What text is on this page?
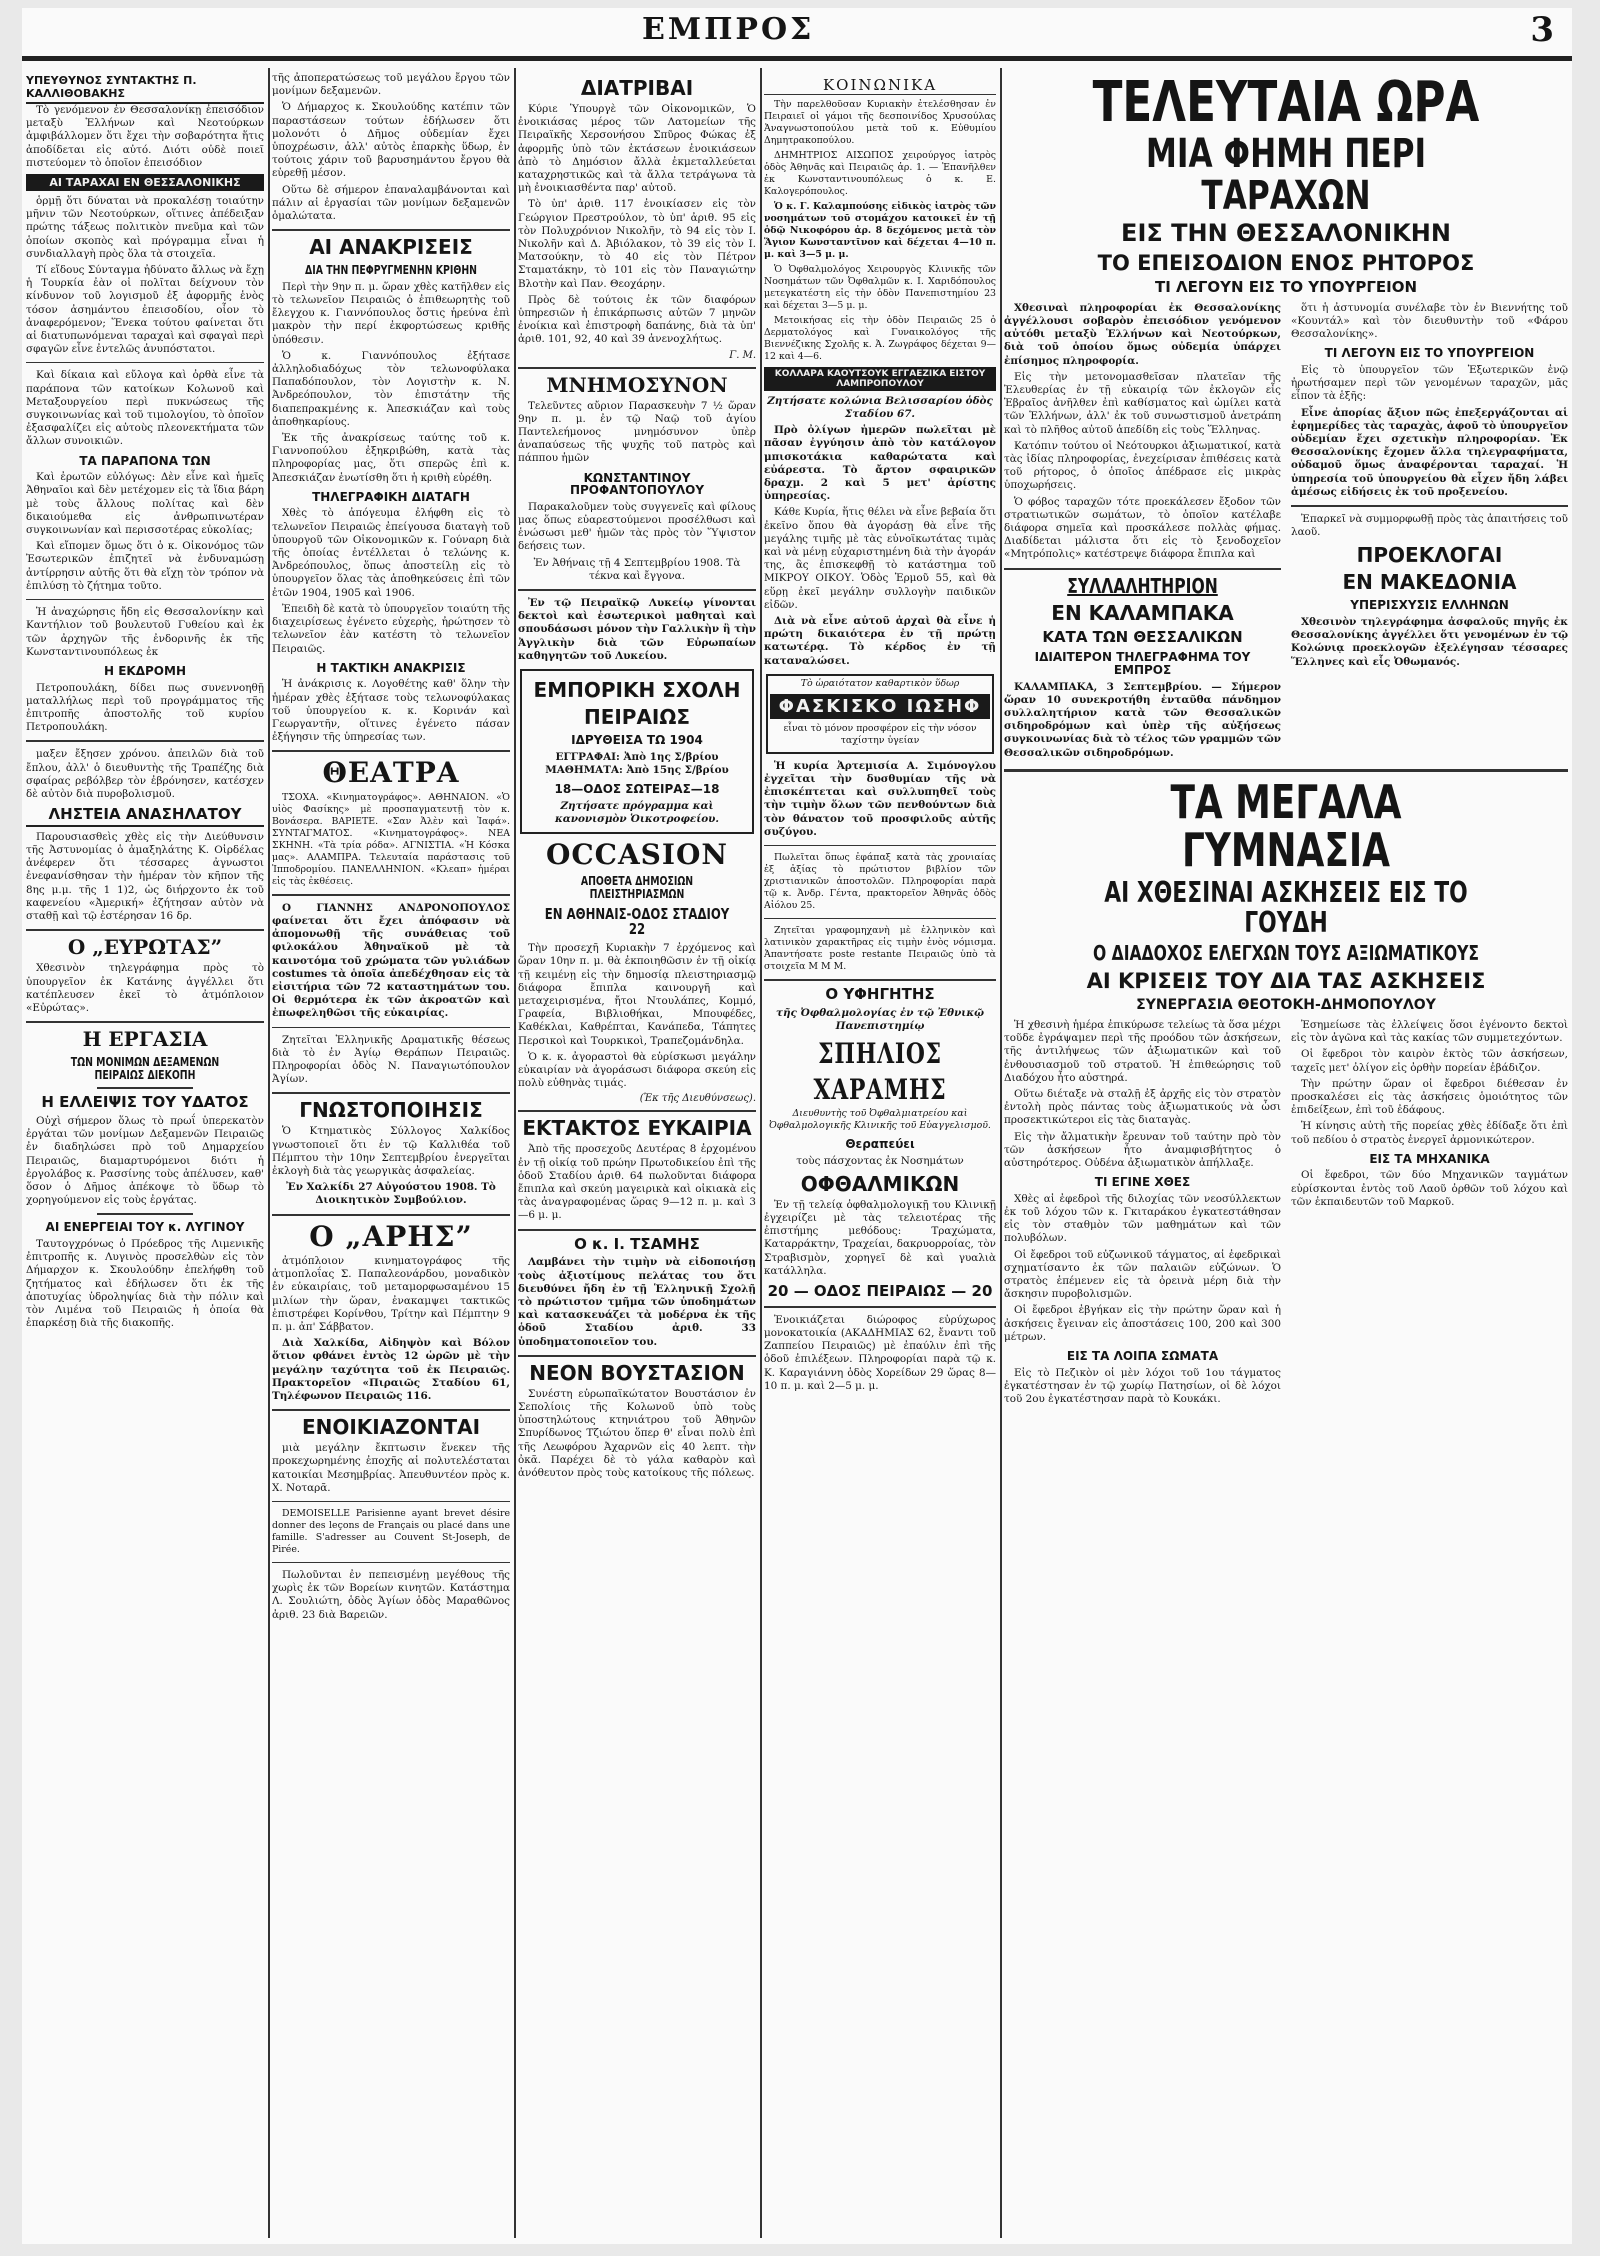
ΕΜΠΡΟΣ	3
ΥΠΕΥΘΥΝΟΣ ΣΥΝΤΑΚΤΗΣ Π. ΚΑΛΛΙΘΟΒΑΚΗΣ

Τὸ γενόμενον ἐν Θεσσαλονίκῃ ἐπεισόδιον μεταξὺ Ἑλλήνων καὶ Νεοτούρκων ἀμφιβάλλομεν ὅτι ἔχει τὴν σοβαρότητα ἥτις ἀποδίδεται εἰς αὐτό. Διότι οὐδὲ ποιεῖ πιστεύομεν τὸ ὁποῖον ἐπεισόδιον

ΑΙ ΤΑΡΑΧΑΙ ΕΝ ΘΕΣΣΑΛΟΝΙΚΗΣ

ὁρμῇ ὅτι δύναται νὰ προκαλέσῃ τοιαύτην μῆνιν τῶν Νεοτούρκων, οἵτινες ἀπέδειξαν πρώτης τάξεως πολιτικὸν πνεῦμα καὶ τῶν ὁποίων σκοπὸς καὶ πρόγραμμα εἶναι ἡ συνδιαλλαγὴ πρὸς ὅλα τὰ στοιχεῖα.

Τί εἴδους Σύνταγμα ἠδύνατο ἄλλως νὰ ἔχῃ ἡ Τουρκία ἐὰν οἱ πολῖται δείχνουν τὸν κίνδυνον τοῦ λογισμοῦ ἐξ ἀφορμῆς ἑνὸς τόσον ἀσημάντου ἐπεισοδίου, οἷον τὸ ἀναφερόμενον; Ἕνεκα τούτου φαίνεται ὅτι αἱ διατυπωνόμεναι ταραχαὶ καὶ σφαγαὶ περὶ σφαγῶν εἶνε ἐντελῶς ἀνυπόστατοι.

Καὶ δίκαια καὶ εὔλογα καὶ ὀρθὰ εἶνε τὰ παράπονα τῶν κατοίκων Κολωνοῦ καὶ Μεταξουργείου περὶ πυκνώσεως τῆς συγκοινωνίας καὶ τοῦ τιμολογίου, τὸ ὁποῖον ἐξασφαλίζει εἰς αὐτοὺς πλεονεκτήματα τῶν ἄλλων συνοικιῶν.

ΤΑ ΠΑΡΑΠΟΝΑ ΤΩΝ

Καὶ ἐρωτῶν εὐλόγως: Δὲν εἶνε καὶ ἡμεῖς Ἀθηναῖοι καὶ δὲν μετέχομεν εἰς τὰ ἴδια βάρη μὲ τοὺς ἄλλους πολίτας καὶ δὲν δικαιούμεθα εἰς ἀνθρωπινωτέραν συγκοινωνίαν καὶ περισσοτέρας εὐκολίας;

Καὶ εἴπομεν ὅμως ὅτι ὁ κ. Οἰκονόμος τῶν Ἐσωτερικῶν ἐπιζητεῖ νὰ ἐνδυναμώσῃ ἀντίρρησιν αὐτῆς ὅτι θὰ εἴχῃ τὸν τρόπον νὰ ἐπιλύσῃ τὸ ζήτημα τοῦτο.

Ἡ ἀναχώρησις ἤδη εἰς Θεσσαλονίκην καὶ Καντήλιον τοῦ βουλευτοῦ Γυθείου καὶ ἐκ τῶν ἀρχηγῶν τῆς ἐνδορινῆς ἐκ τῆς Κωνσταντινουπόλεως ἐκ

Η ΕΚΔΡΟΜΗ

Πετροπουλάκη, δίδει πως συνεννοηθῇ ματαλλήλως περὶ τοῦ προγράμματος τῆς ἐπιτροπῆς ἀποστολῆς τοῦ κυρίου Πετροπουλάκη.

μαξεν ἔξησεν χρόνου. ἀπειλῶν διὰ τοῦ ἔπλου, ἀλλ' ὁ διευθυντὴς τῆς Τραπέζης διὰ σφαίρας ρεβόλβερ τὸν ἐβρόνησεν, κατέσχεν δὲ αὐτὸν διὰ πυροβολισμοῦ.

ΛΗΣΤΕΙΑ ΑΝΑΣΗΛΑΤΟΥ

Παρουσιασθεὶς χθὲς εἰς τὴν Διεύθυνσιν τῆς Ἀστυνομίας ὁ ἀμαξηλάτης Κ. Οἰρδέλας ἀνέφερεν ὅτι τέσσαρες ἀγνωστοι ἐνεφανίσθησαν τὴν ἡμέραν τὸν κῆπον τῆς 8ης μ.μ. τῆς 1 1)2, ὡς διήρχοντο ἐκ τοῦ καφενείου «Ἀμερική» ἐζήτησαν αὐτὸν νὰ σταθῇ καὶ τῷ ἐστέρησαν 16 δρ.

Ο „ΕΥΡΩΤΑΣ”

Χθεσινὸν τηλεγράφημα πρὸς τὸ ὑπουργεῖον ἐκ Κατάνης ἀγγέλλει ὅτι κατέπλευσεν ἐκεῖ τὸ ἀτμόπλοιον «Εὐρώτας».

Η ΕΡΓΑΣΙΑ
ΤΩΝ ΜΟΝΙΜΩΝ ΔΕΞΑΜΕΝΩΝ ΠΕΙΡΑΙΩΣ ΔΙΕΚΟΠΗ
Η ΕΛΛΕΙΨΙΣ ΤΟΥ ΥΔΑΤΟΣ

Οὐχὶ σήμερον ὅλως τὸ πρωΐ ὑπερεκατὸν ἐργάται τῶν μονίμων Δεξαμενῶν Πειραιῶς ἐν διαδηλώσει πρὸ τοῦ Δημαρχείου Πειραιῶς, διαμαρτυρόμενοι διότι ἡ ἐργολάβος κ. Ρασσίνης τοὺς ἀπέλυσεν, καθ' ὅσον ὁ Δῆμος ἀπέκοψε τὸ ὕδωρ τὸ χορηγούμενον εἰς τοὺς ἐργάτας.

ΑΙ ΕΝΕΡΓΕΙΑΙ ΤΟΥ κ. ΛΥΓΙΝΟΥ

Ταυτογχρόνως ὁ Πρόεδρος τῆς Λιμενικῆς ἐπιτροπῆς κ. Λυγινὸς προσελθὼν εἰς τὸν Δήμαρχον κ. Σκουλούδην ἐπελήφθη τοῦ ζητήματος καὶ ἐδήλωσεν ὅτι ἐκ τῆς ἀποτυχίας ὑδροληψίας διὰ τὴν πόλιν καὶ τὸν Λιμένα τοῦ Πειραιῶς ἡ ὁποία θὰ ἐπαρκέσῃ διὰ τῆς διακοπῆς.

τῆς ἀποπερατώσεως τοῦ μεγάλου ἔργου τῶν μονίμων δεξαμενῶν.

Ὁ Δήμαρχος κ. Σκουλούδης κατέπιν τῶν παραστάσεων τούτων ἐδήλωσεν ὅτι μολονότι ὁ Δῆμος οὐδεμίαν ἔχει ὑποχρέωσιν, ἀλλ' αὐτὸς ἐπαρκὴς ὕδωρ, ἐν τούτοις χάριν τοῦ βαρυσημάντου ἔργου θὰ εὑρεθῇ μέσον.

Οὕτω δὲ σήμερον ἐπαναλαμβάνονται καὶ πάλιν αἱ ἐργασίαι τῶν μονίμων δεξαμενῶν ὁμαλώτατα.

ΑΙ ΑΝΑΚΡΙΣΕΙΣ
ΔΙΑ ΤΗΝ ΠΕΦΡΥΓΜΕΝΗΝ ΚΡΙΘΗΝ

Περὶ τὴν 9ην π. μ. ὥραν χθὲς κατῆλθεν εἰς τὸ τελωνεῖον Πειραιῶς ὁ ἐπιθεωρητὴς τοῦ ἔλεγχου κ. Γιαννόπουλος ὅστις ἠρεύνα ἐπὶ μακρὸν τὴν περί ἐκφορτώσεως κριθῆς ὑπόθεσιν.

Ὁ κ. Γιαννόπουλος ἐξήτασε ἀλληλοδιαδόχως τὸν τελωνοφύλακα Παπαδόπουλον, τὸν Λογιστὴν κ. Ν. Ἀνδρεόπουλον, τὸν ἐπιστάτην τῆς διαπεπρακμένης κ. Ἀπεσκιάζαν καὶ τοὺς ἀποθηκαρίους.

Ἐκ τῆς ἀνακρίσεως ταύτης τοῦ κ. Γιαννοπούλου ἐξηκριβώθη, κατὰ τὰς πληροφορίας μας, ὅτι σπερῶς ἐπὶ κ. Ἀπεσκιάζαν ἐνωτίσθη ὅτι ἡ κριθὴ εὑρέθη.

ΤΗΛΕΓΡΑΦΙΚΗ ΔΙΑΤΑΓΗ

Χθὲς τὸ ἀπόγευμα ἐλήφθη εἰς τὸ τελωνεῖον Πειραιῶς ἐπείγουσα διαταγὴ τοῦ ὑπουργοῦ τῶν Οἰκονομικῶν κ. Γούναρη διὰ τῆς ὁποίας ἐντέλλεται ὁ τελώνης κ. Ἀνδρεόπουλος, ὅπως ἀποστείλῃ εἰς τὸ ὑπουργεῖον ὅλας τὰς ἀποθηκεύσεις ἐπὶ τῶν ἐτῶν 1904, 1905 καὶ 1906.

Ἐπειδὴ δὲ κατὰ τὸ ὑπουργεῖον τοιαύτη τῆς διαχειρίσεως ἐγένετο εὐχερὴς, ἠρώτησεν τὸ τελωνεῖον ἐὰν κατέστη τὸ τελωνεῖον Πειραιῶς.

Η ΤΑΚΤΙΚΗ ΑΝΑΚΡΙΣΙΣ

Ἡ ἀνάκρισις κ. Λογοθέτης καθ' ὅλην τὴν ἡμέραν χθὲς ἐξήτασε τοὺς τελωνοφύλακας τοῦ ὑπουργείου κ. κ. Κορινάν καὶ Γεωργαντῆν, οἵτινες ἐγένετο πάσαν ἐξήγησιν τῆς ὑπηρεσίας των.

ΘΕΑΤΡΑ

ΤΣΟΧΑ. «Κινηματογράφος». ΑΘΗΝΑΙΟΝ. «Ὁ υἱὸς Φασίκης» μὲ προσπαγματευτῇ τὸν κ. Βονάσερα. ΒΑΡΙΕΤΕ. «Σαν Ἀλὲν καὶ Ἰαφά». ΣΥΝΤΑΓΜΑΤΟΣ. «Κινηματογράφος». ΝΕΑ ΣΚΗΝΗ. «Τὰ τρία ρόδα». ΑΓΝΙΣΤΙΑ. «Ἡ Κόσκα μας». ΑΛΑΜΠΡΑ. Τελευταία παράστασις τοῦ Ἰπποδρομίου. ΠΑΝΕΛΛΗΝΙΟΝ. «Κλεαπ» ἡμέραι εἰς τὰς ἐκθέσεις.

Ο ΓΙΑΝΝΗΣ ΑΝΔΡΟΝΟΠΟΥΛΟΣ φαίνεται ὅτι ἔχει ἀπόφασιν νὰ ἀπομονωθῇ τῆς συνάθειας τοῦ φιλοκάλου Ἀθηναϊκοῦ μὲ τὰ καινοτόμα τοῦ χρώματα τῶν γυλιάδων costumes τὰ ὁποῖα ἀπεδέχθησαν εἰς τὰ εἰσιτήρια τῶν 72 καταστημάτων του. Οἱ θερμότερα ἐκ τῶν ἀκροατῶν καὶ ἐπωφεληθῶσι τῆς εὐκαιρίας.

Ζητεῖται Ἑλληνικῆς Δραματικῆς θέσεως διὰ τὸ ἐν Ἀγίῳ Θεράπων Πειραιῶς. Πληροφορίαι ὁδὸς Ν. Παναγιωτόπουλον Ἀγίων.

ΓΝΩΣΤΟΠΟΙΗΣΙΣ

Ὁ Κτηματικὸς Σύλλογος Χαλκίδος γνωστοποιεῖ ὅτι ἐν τῷ Καλλιθέα τοῦ Πέμπτου τὴν 10ην Σεπτεμβρίου ἐνεργεῖται ἐκλογὴ διὰ τὰς γεωργικὰς ἀσφαλείας.

Ἐν Χαλκίδι 27 Αὐγούστου 1908. Τὸ Διοικητικὸν Συμβούλιον.

Ο „ΑΡΗΣ”

ἀτμόπλοιον κινηματογράφος τῆς ἀτμοπλοΐας Σ. Παπαλεονάρδου, μοναδικὸν ἐν εὐκαιρίαις, τοῦ μεταμορφωσαμένου 15 μιλίων τὴν ὥραν, ἐνακαμψει τακτικῶς ἐπιστρέφει Κορίνθου, Τρίτην καὶ Πέμπτην 9 π. μ. ἀπ' Σάββατον.

Διὰ Χαλκίδα, Αἰδηψὸν καὶ Βόλον ὅτιον φθάνει ἐντὸς 12 ὡρῶν μὲ τὴν μεγάλην ταχύτητα τοῦ ἐκ Πειραιῶς. Πρακτορεῖον «Πιραιῶς Σταδίου 61, Τηλέφωνον Πειραιῶς 116.

ΕΝΟΙΚΙΑΖΟΝΤΑΙ

μιὰ μεγάλην ἔκπτωσιν ἕνεκεν τῆς προκεχωρημένης ἐποχῆς αἱ πολυτελέσταται κατοικίαι Μεσημβρίας. Ἀπευθυντέον πρὸς κ. Χ. Νοταρᾶ.

DEMOISELLE Parisienne ayant brevet désire donner des leçons de Français ou placé dans une famille. S'adresser au Couvent St-Joseph, de Pirée.

Πωλοῦνται ἐν πεπεισμένῃ μεγέθους τῆς χωρὶς ἐκ τῶν Βορείων κινητῶν. Κατάστημα Λ. Σουλιώτη, ὁδὸς Ἀγίων ὁδὸς Μαραθῶνος ἀριθ. 23 διὰ Βαρειῶν.

ΔΙΑΤΡΙΒΑΙ

Κύριε Ὑπουργὲ τῶν Οἰκονομικῶν, Ὁ ἐνοικιάσας μέρος τῶν Λατομείων τῆς Πειραϊκῆς Χερσονήσου Σπῦρος Φώκας ἐξ ἀφορμῆς ὑπὸ τῶν ἐκτάσεων ἐνοικιάσεων ἀπὸ τὸ Δημόσιον ἄλλὰ ἐκμεταλλεύεται καταχρηστικῶς καὶ τὰ ἄλλα τετράγωνα τὰ μὴ ἐνοικιασθέντα παρ' αὐτοῦ.

Τὸ ὑπ' ἀριθ. 117 ἐνοικίασεν εἰς τὸν Γεώργιον Πρεστρούλον, τὸ ὑπ' ἀριθ. 95 εἰς τὸν Πολυχρόνιον Νικολῆν, τὸ 94 εἰς τὸν Ι. Νικολῆν καὶ Δ. Ἀβιόλακον, τὸ 39 εἰς τὸν Ι. Ματσούκην, τὸ 40 εἰς τὸν Πέτρον Σταματάκην, τὸ 101 εἰς τὸν Παναγιώτην Βλοτὴν καὶ Παν. Θεοχάρην.

Πρὸς δὲ τούτοις ἐκ τῶν διαφόρων ὑπηρεσιῶν ἡ ἐπικάρπωσις αὐτῶν 7 μηνῶν ἐνοίκια καὶ ἐπιστροφὴ δαπάνης, διὰ τὰ ὑπ' ἀριθ. 101, 92, 40 καὶ 39 ἀνενοχλήτως.

Γ. Μ.
ΜΝΗΜΟΣΥΝΟΝ

Τελεῦντες αὔριον Παρασκευὴν 7 ½ ὥραν 9ην π. μ. ἐν τῷ Ναῷ τοῦ ἁγίου Παντελεήμονος μνημόσυνον ὑπὲρ ἀναπαύσεως τῆς ψυχῆς τοῦ πατρὸς καὶ πάππου ἡμῶν

ΚΩΝΣΤΑΝΤΙΝΟΥ ΠΡΟΦΑΝΤΟΠΟΥΛΟΥ

Παρακαλοῦμεν τοὺς συγγενεῖς καὶ φίλους μας ὅπως εὐαρεστούμενοι προσέλθωσι καὶ ἑνώσωσι μεθ' ἡμῶν τὰς πρὸς τὸν Ὕψιστον δεήσεις των.

Ἐν Ἀθήναις τῇ 4 Σεπτεμβρίου 1908. Τὰ τέκνα καὶ ἔγγονα.

Ἐν τῷ Πειραϊκῷ Λυκείῳ γίνονται δεκτοὶ καὶ ἐσωτερικοὶ μαθηταὶ καὶ σπουδάσωσι μόνον τὴν Γαλλικὴν ἢ τὴν Ἀγγλικὴν διὰ τῶν Εὐρωπαίων καθηγητῶν τοῦ Λυκείου.

ΕΜΠΟΡΙΚΗ ΣΧΟΛΗ
ΠΕΙΡΑΙΩΣ
ΙΔΡΥΘΕΙΣΑ ΤΩ 1904

ΕΓΓΡΑΦΑΙ: Ἀπὸ 1ης Σ/βρίου ΜΑΘΗΜΑΤΑ: Ἀπὸ 15ης Σ/βρίου

18—ΟΔΟΣ ΣΩΤΕΙΡΑΣ—18

Ζητήσατε πρόγραμμα καὶ κανονισμὸν Ὁικοτροφείου.

OCCASION
ΑΠΟΘΕΤΑ ΔΗΜΟΣΙΩΝ ΠΛΕΙΣΤΗΡΙΑΣΜΩΝ
ΕΝ ΑΘΗΝΑΙΣ-ΟΔΟΣ ΣΤΑΔΙΟΥ 22

Τὴν προσεχῆ Κυριακὴν 7 ἐρχόμενος καὶ ὥραν 10ην π. μ. θὰ ἐκποιηθῶσιν ἐν τῇ οἰκίᾳ τῇ κειμένῃ εἰς τὴν δημοσίᾳ πλειστηριασμῷ διάφορα ἔπιπλα καινουργῆ καὶ μεταχειρισμένα, ἤτοι Ντουλάπες, Κομμό, Γραφεία, Βιβλιοθήκαι, Μπουφέδες, Καθέκλαι, Καθρέπται, Κανάπεδα, Τάπητες Περσικοὶ καὶ Τουρκικοὶ, Τραπεζομάνδηλα.

Ὁ κ. κ. ἀγοραστοὶ θὰ εὑρίσκωσι μεγάλην εὐκαιρίαν νὰ ἀγοράσωσι διάφορα σκεύη εἰς πολὺ εὐθηνὰς τιμάς.

(Ἐκ τῆς Διευθύνσεως).
ΕΚΤΑΚΤΟΣ ΕΥΚΑΙΡΙΑ

Ἀπὸ τῆς προσεχοῦς Δευτέρας 8 ἐρχομένου ἐν τῇ οἰκίᾳ τοῦ πρώην Πρωτοδικείου ἐπὶ τῆς ὁδοῦ Σταδίου ἀριθ. 64 πωλοῦνται διάφορα ἔπιπλα καὶ σκεύη μαγειρικὰ καὶ οἰκιακὰ εἰς τὰς ἀναγραφομένας ὥρας 9—12 π. μ. καὶ 3—6 μ. μ.

Ο κ. Ι. ΤΣΑΜΗΣ

Λαμβάνει τὴν τιμὴν νὰ εἰδοποιήσῃ τοὺς ἀξιοτίμους πελάτας του ὅτι διευθύνει ἤδη ἐν τῇ Ἑλληνικῇ Σχολῇ τὸ πρώτιστον τμῆμα τῶν ὑποδημάτων καὶ κατασκευάζει τὰ μοδέρνα ἐκ τῆς ὁδοῦ Σταδίου ἀριθ. 33 ὑποδηματοποιεῖον του.

ΝΕΟΝ ΒΟΥΣΤΑΣΙΟΝ

Συνέστη εὐρωπαϊκώτατον Βουστάσιον ἐν Σεπολίοις τῆς Κολωνοῦ ὑπὸ τοὺς ὑποστηλώτους κτηνιάτρου τοῦ Ἀθηνῶν Σπυρίδωνος Τζιώτου ὅπερ θ' εἶναι πολὺ ἐπὶ τῆς Λεωφόρου Ἀχαρνῶν εἰς 40 λεπτ. τὴν ὀκᾶ. Παρέχει δὲ τὸ γάλα καθαρὸν καὶ ἀνόθευτον πρὸς τοὺς κατοίκους τῆς πόλεως.

ΚΟΙΝΩΝΙΚΑ

Τὴν παρελθοῦσαν Κυριακὴν ἐτελέσθησαν ἐν Πειραιεῖ οἱ γάμοι τῆς δεσποινίδος Χρυσούλας Ἀναγνωστοπούλου μετὰ τοῦ κ. Εὐθυμίου Δημητρακοπούλου.

ΔΗΜΗΤΡΙΟΣ ΑΙΣΩΠΟΣ χειρούργος ἰατρὸς ὁδὸς Ἀθηνᾶς καὶ Πειραιῶς ἀρ. 1. — Ἐπανῆλθεν ἐκ Κωνσταντινουπόλεως ὁ κ. Ε. Καλογερόπουλος.

Ὁ κ. Γ. Καλαμπούσης εἰδικὸς ἰατρὸς τῶν νοσημάτων τοῦ στομάχου κατοικεῖ ἐν τῇ ὁδῷ Νικοφόρου ἀρ. 8 δεχόμενος μετὰ τὸν Ἅγιον Κωνσταντῖνον καὶ δέχεται 4—10 π. μ. καὶ 3—5 μ. μ.

Ὁ Ὀφθαλμολόγος Χειρουργὸς Κλινικῆς τῶν Νοσημάτων τῶν Ὀφθαλμῶν κ. Ι. Χαριδόπουλος μετεγκατέστη εἰς τὴν ὁδὸν Πανεπιστημίου 23 καὶ δέχεται 3—5 μ. μ.

Μετοικήσας εἰς τὴν ὁδὸν Πειραιῶς 25 ὁ Δερματολόγος καὶ Γυναικολόγος τῆς Βιεννέζικης Σχολῆς κ. Ἀ. Ζωγράφος δέχεται 9—12 καὶ 4—6.

ΚΟΛΛΑΡΑ ΚΑΟΥΤΣΟΥΚ ΕΓΓΑΕΖΙΚΑ ΕΙΣΤΟΥ ΛΑΜΠΡΟΠΟΥΛΟΥ

Ζητήσατε κολώνια Βελισσαρίου ὁδὸς Σταδίου 67.

Πρὸ ὀλίγων ἡμερῶν πωλεῖται μὲ πᾶσαν ἐγγύησιν ἀπὸ τὸν κατάλογον μπισκοτάκια καθαρώτατα καὶ εὐάρεστα. Τὸ ἄρτον σφαιρικῶν δραχμ. 2 καὶ 5 μετ' ἀρίστης ὑπηρεσίας.

Κάθε Κυρία, ἥτις θέλει νὰ εἶνε βεβαία ὅτι ἐκεῖνο ὅπου θὰ ἀγοράσῃ θὰ εἶνε τῆς μεγάλης τιμῆς μὲ τὰς εὐνοϊκωτάτας τιμὰς καὶ νὰ μένῃ εὐχαριστημένη διὰ τὴν ἀγοράν της, ἂς ἐπισκεφθῇ τὸ κατάστημα τοῦ ΜΙΚΡΟΥ ΟΙΚΟΥ. Ὁδὸς Ἑρμοῦ 55, καὶ θὰ εὕρῃ ἐκεῖ μεγάλην συλλογὴν παιδικῶν εἰδῶν.

Διὰ νὰ εἶνε αὐτοῦ ἀρχαὶ θὰ εἶνε ἡ πρώτη δικαιότερα ἐν τῇ πρώτῃ κατωτέρᾳ. Τὸ κέρδος ἐν τῇ καταναλώσει.

Τὸ ὡραιότατον καθαρτικὸν ὕδωρ
ΦΑΣΚΙΣΚΟ ΙΩΣΗΦ
εἶναι τὸ μόνον προσφέρον εἰς τὴν νόσον ταχίστην ὑγείαν

Ἡ κυρία Ἀρτεμισία Α. Σιμόνογλου ἐγχεῖται τὴν δυσθυμίαν τῆς νὰ ἐπισκέπτεται καὶ συλλυπηθεῖ τοὺς τὴν τιμὴν ὅλων τῶν πενθούντων διὰ τὸν θάνατον τοῦ προσφιλοῦς αὐτῆς συζύγου.

Πωλεῖται ὅπως ἐφάπαξ κατὰ τὰς χρονιαίας ἐξ ἀξίας τὸ πρώτιστον βιβλίον τῶν χριστιανικῶν ἀποστολῶν. Πληροφορίαι παρὰ τῷ κ. Ἀνδρ. Γέντα, πρακτορεῖον Ἀθηνᾶς ὁδὸς Αἰόλου 25.

Ζητεῖται γραφομηχανὴ μὲ ἑλληνικὸν καὶ λατινικὸν χαρακτῆρας εἰς τιμὴν ἑνὸς νόμισμα. Ἀπαντήσατε poste restante Πειραιῶς ὑπὸ τὰ στοιχεῖα Μ Μ Μ.

Ο ΥΦΗΓΗΤΗΣ
τῆς Ὀφθαλμολογίας ἐν τῷ Ἐθνικῷ Πανεπιστημίῳ
ΣΠΗΛΙΟΣ
ΧΑΡΑΜΗΣ

Διευθυντὴς τοῦ Ὀφθαλμιατρείου καὶ Ὀφθαλμολογικῆς Κλινικῆς τοῦ Εὐαγγελισμοῦ.

Θεραπεύει
τοὺς πάσχοντας ἐκ Νοσημάτων
ΟΦΘΑΛΜΙΚΩΝ

Ἐν τῇ τελείᾳ ὀφθαλμολογικῇ του Κλινικῇ ἐγχειρίζει μὲ τὰς τελειοτέρας τῆς ἐπιστήμης μεθόδους: Τραχώματα, Καταρράκτην, Τραχείαι, δακρυορροίας, τὸν Στραβισμὸν, χορηγεῖ δὲ καὶ γυαλιὰ κατάλληλα.

20 — ΟΔΟΣ ΠΕΙΡΑΙΩΣ — 20

Ἐνοικιάζεται διώροφος εὐρύχωρος μονοκατοικία (ΑΚΑΔΗΜΙΑΣ 62, ἔναντι τοῦ Ζαππείου Πειραιῶς) μὲ ἐπαύλιν ἐπὶ τῆς ὁδοῦ ἐπιλέξεων. Πληροφορίαι παρὰ τῷ κ. Κ. Καραγιάννη ὁδὸς Χορείδων 29 ὥρας 8—10 π. μ. καὶ 2—5 μ. μ.

ΤΕΛΕΥΤΑΙΑ ΩΡΑ
ΜΙΑ ΦΗΜΗ ΠΕΡΙ ΤΑΡΑΧΩΝ
ΕΙΣ ΤΗΝ ΘΕΣΣΑΛΟΝΙΚΗΝ
ΤΟ ΕΠΕΙΣΟΔΙΟΝ ΕΝΟΣ ΡΗΤΟΡΟΣ
ΤΙ ΛΕΓΟΥΝ ΕΙΣ ΤΟ ΥΠΟΥΡΓΕΙΟΝ

Χθεσιναὶ πληροφορίαι ἐκ Θεσσαλονίκης ἀγγέλλουσι σοβαρὸν ἐπεισόδιον γενόμενον αὐτόθι μεταξὺ Ἑλλήνων καὶ Νεοτούρκων, διὰ τοῦ ὁποίου ὅμως οὐδεμία ὑπάρχει ἐπίσημος πληροφορία.

Εἰς τὴν μετονομασθεῖσαν πλατεῖαν τῆς Ἐλευθερίας ἐν τῇ εὐκαιρίᾳ τῶν ἐκλογῶν εἷς Ἑβραῖος ἀνῆλθεν ἐπὶ καθίσματος καὶ ὡμίλει κατὰ τῶν Ἑλλήνων, ἀλλ' ἐκ τοῦ συνωστισμοῦ ἀνετράπη καὶ τὸ πλῆθος αὐτοῦ ἀπεδίδη εἰς τοὺς Ἕλληνας.

Κατόπιν τούτου οἱ Νεότουρκοι ἀξιωματικοί, κατὰ τὰς ἰδίας πληροφορίας, ἐνεχείρισαν ἐπιθέσεις κατὰ τοῦ ρήτορος, ὁ ὁποῖος ἀπέδρασε εἰς μικρὰς ὑποχωρήσεις.

Ὁ φόβος ταραχῶν τότε προεκάλεσεν ἔξοδον τῶν στρατιωτικῶν σωμάτων, τὸ ὁποῖον κατέλαβε διάφορα σημεῖα καὶ προσκάλεσε πολλὰς φήμας. Διαδίδεται μάλιστα ὅτι εἰς τὸ ξενοδοχεῖον «Μητρόπολις» κατέστρεψε διάφορα ἔπιπλα καὶ

ΣΥΛΛΑΛΗΤΗΡΙΟΝ
ΕΝ ΚΑΛΑΜΠΑΚΑ
ΚΑΤΑ ΤΩΝ ΘΕΣΣΑΛΙΚΩΝ
ΙΔΙΑΙΤΕΡΟΝ ΤΗΛΕΓΡΑΦΗΜΑ ΤΟΥ ΕΜΠΡΟΣ

ΚΑΛΑΜΠΑΚΑ, 3 Σεπτεμβρίου. — Σήμερον ὥραν 10 συνεκροτήθη ἐνταῦθα πάνδημον συλλαλητήριον κατὰ τῶν Θεσσαλικῶν σιδηροδρόμων καὶ ὑπὲρ τῆς αὐξήσεως συγκοινωνίας διὰ τὸ τέλος τῶν γραμμῶν τῶν Θεσσαλικῶν σιδηροδρόμων.

ὅτι ἡ ἀστυνομία συνέλαβε τὸν ἐν Βιεννήτης τοῦ «Κουντάλ» καὶ τὸν διευθυντὴν τοῦ «Φάρου Θεσσαλονίκης».

ΤΙ ΛΕΓΟΥΝ ΕΙΣ ΤΟ ΥΠΟΥΡΓΕΙΟΝ

Εἰς τὸ ὑπουργεῖον τῶν Ἐξωτερικῶν ἐνῷ ἠρωτήσαμεν περὶ τῶν γενομένων ταραχῶν, μᾶς εἶπον τὰ ἑξῆς:

Εἶνε ἀπορίας ἄξιον πῶς ἐπεξεργάζονται αἱ ἐφημερίδες τὰς ταραχὰς, ἀφοῦ τὸ ὑπουργεῖον οὐδεμίαν ἔχει σχετικὴν πληροφορίαν. Ἐκ Θεσσαλονίκης ἔχομεν ἄλλα τηλεγραφήματα, οὐδαμοῦ ὅμως ἀναφέρονται ταραχαί. Ἡ ὑπηρεσία τοῦ ὑπουργείου θὰ εἶχεν ἤδη λάβει ἀμέσως εἰδήσεις ἐκ τοῦ προξενείου.

Ἐπαρκεῖ νὰ συμμορφωθῇ πρὸς τὰς ἀπαιτήσεις τοῦ λαοῦ.

ΠΡΟΕΚΛΟΓΑΙ
ΕΝ ΜΑΚΕΔΟΝΙΑ
ΥΠΕΡΙΣΧΥΣΙΣ ΕΛΛΗΝΩΝ

Χθεσινὸν τηλεγράφημα ἀσφαλοῦς πηγῆς ἐκ Θεσσαλονίκης ἀγγέλλει ὅτι γενομένων ἐν τῷ Κολώνιᾳ προεκλογῶν ἐξελέγησαν τέσσαρες Ἕλληνες καὶ εἷς Ὀθωμανός.

ΤΑ ΜΕΓΑΛΑ ΓΥΜΝΑΣΙΑ
ΑΙ ΧΘΕΣΙΝΑΙ ΑΣΚΗΣΕΙΣ ΕΙΣ ΤΟ ΓΟΥΔΗ
Ο ΔΙΑΔΟΧΟΣ ΕΛΕΓΧΩΝ ΤΟΥΣ ΑΞΙΩΜΑΤΙΚΟΥΣ
ΑΙ ΚΡΙΣΕΙΣ ΤΟΥ ΔΙΑ ΤΑΣ ΑΣΚΗΣΕΙΣ
ΣΥΝΕΡΓΑΣΙΑ ΘΕΟΤΟΚΗ-ΔΗΜΟΠΟΥΛΟΥ

Ἡ χθεσινὴ ἡμέρα ἐπικύρωσε τελείως τὰ ὅσα μέχρι τοῦδε ἐγράψαμεν περὶ τῆς προόδου τῶν ἀσκήσεων, τῆς ἀντιλήψεως τῶν ἀξιωματικῶν καὶ τοῦ ἐνθουσιασμοῦ τοῦ στρατοῦ. Ἡ ἐπιθεώρησις τοῦ Διαδόχου ἦτο αὐστηρά.

Οὕτω διέταξε νὰ σταλῇ ἐξ ἀρχῆς εἰς τὸν στρατὸν ἐντολὴ πρὸς πάντας τοὺς ἀξιωματικούς νὰ ὦσι προσεκτικώτεροι εἰς τὰς διαταγὰς.

Εἰς τὴν ἄλματικὴν ἔρευναν τοῦ ταύτην πρὸ τὸν τῶν ἀσκήσεων ἦτο ἀναμφισβήτητος ὁ αὐστηρότερος. Οὐδένα ἀξιωματικὸν ἀπήλλαξε.

ΤΙ ΕΓΙΝΕ ΧΘΕΣ

Χθὲς αἱ ἐφεδροὶ τῆς διλοχίας τῶν νεοσύλλεκτων ἐκ τοῦ λόχου τῶν κ. Γκιταράκου ἐγκατεστάθησαν εἰς τὸν σταθμὸν τῶν μαθημάτων καὶ τῶν πολυβόλων.

Οἱ ἔφεδροι τοῦ εὐζωνικοῦ τάγματος, αἱ ἐφεδρικαὶ σχηματίσαντο ἐκ τῶν παλαιῶν εὐζώνων. Ὁ στρατὸς ἐπέμενεν εἰς τὰ ὀρεινὰ μέρη διὰ τὴν ἄσκησιν πυροβολισμῶν.

Οἱ ἔφεδροι ἐβγήκαν εἰς τὴν πρώτην ὥραν καὶ ἡ ἀσκήσεις ἔγειναν εἰς ἀποστάσεις 100, 200 καὶ 300 μέτρων.

ΕΙΣ ΤΑ ΛΟΙΠΑ ΣΩΜΑΤΑ

Εἰς τὸ Πεζικὸν οἱ μὲν λόχοι τοῦ 1ου τάγματος ἐγκατέστησαν ἐν τῷ χωρίῳ Πατησίων, οἱ δὲ λόχοι τοῦ 2ου ἐγκατέστησαν παρὰ τὸ Κουκάκι.

Ἐσημείωσε τὰς ἐλλείψεις ὅσοι ἐγένοντο δεκτοὶ εἰς τὸν ἀγῶνα καὶ τὰς κακίας τῶν συμμετεχόντων.

Οἱ ἔφεδροι τὸν καιρὸν ἐκτὸς τῶν ἀσκήσεων, ταχεῖς μετ' ὀλίγον εἰς ὀρθὴν πορείαν ἐβάδιζον.

Τὴν πρώτην ὥραν οἱ ἔφεδροι διέθεσαν ἐν προσκαλέσει εἰς τὰς ἀσκήσεις ὁμοιότητος τῶν ἐπιδείξεων, ἐπὶ τοῦ ἐδάφους.

Ἡ κίνησις αὐτὴ τῆς πορείας χθὲς ἐδίδαξε ὅτι ἐπὶ τοῦ πεδίου ὁ στρατὸς ἐνεργεῖ ἀρμονικώτερον.

ΕΙΣ ΤΑ ΜΗΧΑΝΙΚΑ

Οἱ ἔφεδροι, τῶν δύο Μηχανικῶν ταγμάτων εὑρίσκονται ἐντὸς τοῦ Λαοῦ ὀρθῶν τοῦ λόχου καὶ τῶν ἐκπαιδευτῶν τοῦ Μαρκοῦ.
